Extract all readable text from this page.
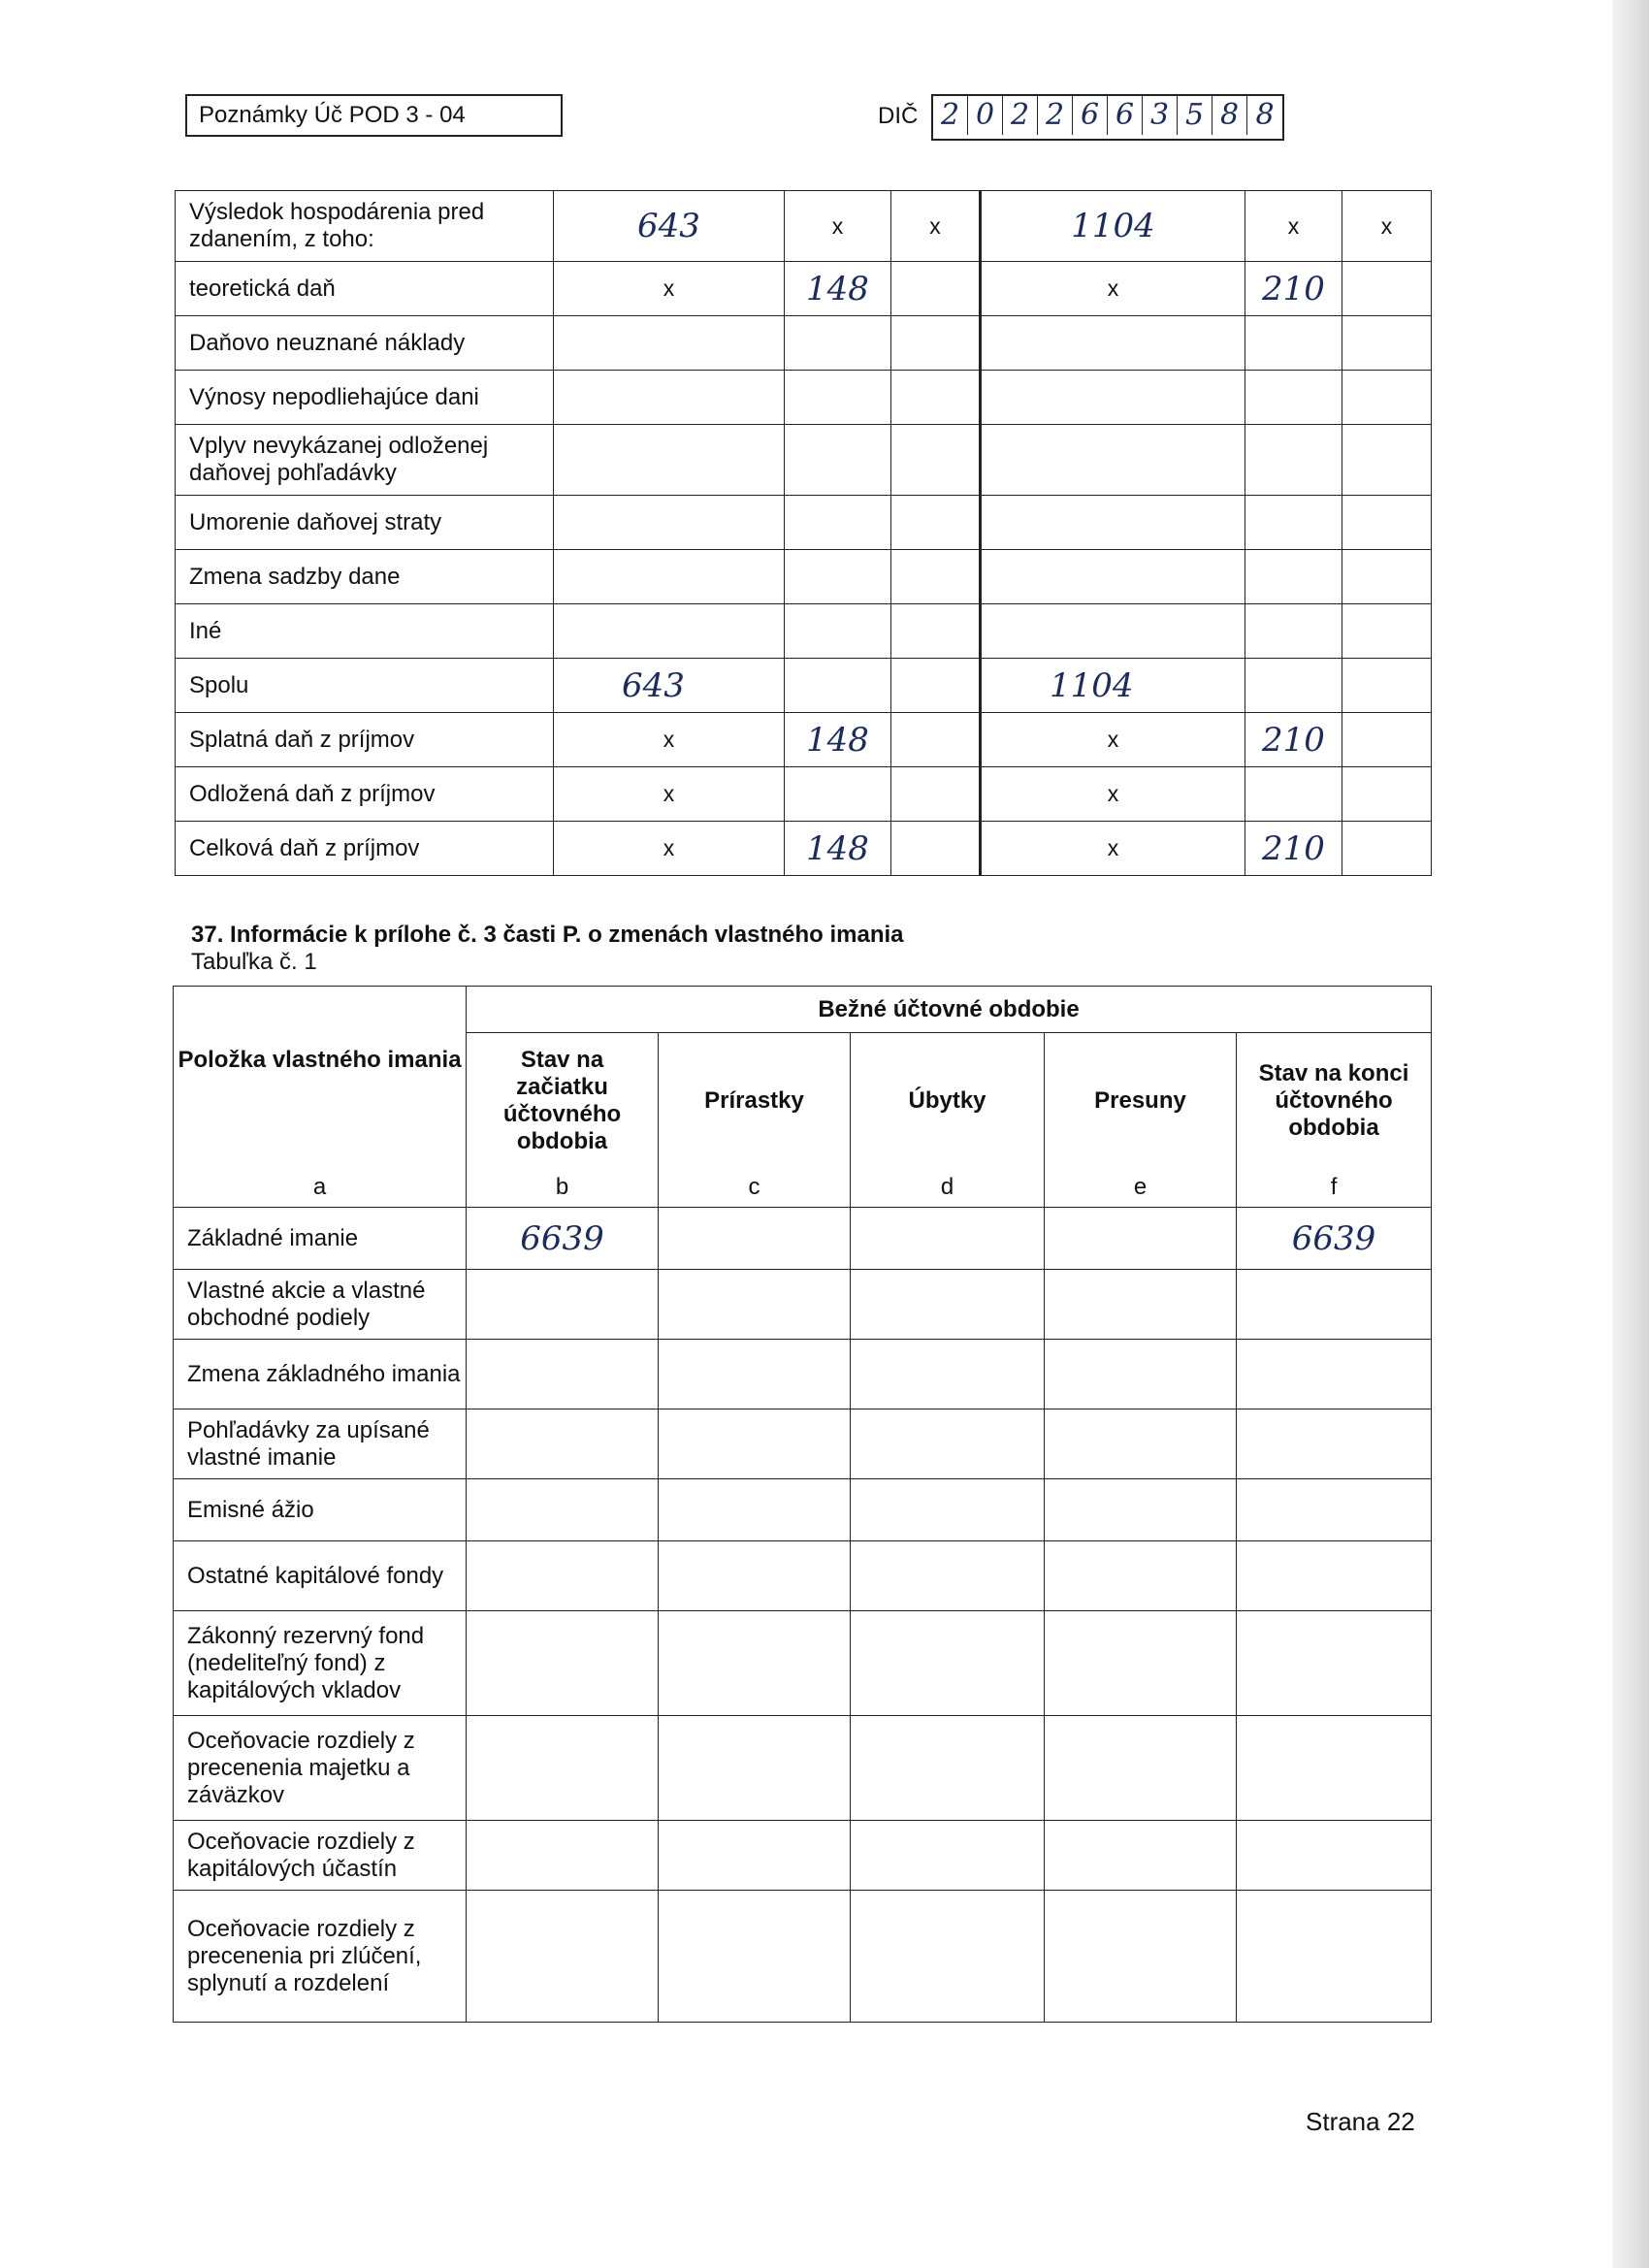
Poznámky Úč POD 3 - 04	DIČ 2 0 2 2 6 6 3 5 8 8
Výsledok hospodárenia pred zdanením, z toho:	643	x	x	1104	x	x
teoretická daň	x	148		x	210	
Daňovo neuznané náklady						
Výnosy nepodliehajúce dani						
Vplyv nevykázanej odloženej daňovej pohľadávky						
Umorenie daňovej straty						
Zmena sadzby dane						
Iné						
Spolu	643			1104		
Splatná daň z príjmov	x	148		x	210	
Odložená daň z príjmov	x			x		
Celková daň z príjmov	x	148		x	210	
37. Informácie k prílohe č. 3 časti P. o zmenách vlastného imania
Tabuľka č. 1
Položka vlastného imania	Bežné účtovné obdobie				
	Stav na začiatku účtovného obdobia	Prírastky	Úbytky	Presuny	Stav na konci účtovného obdobia
a	b	c	d	e	f
Základné imanie	6639				6639
Vlastné akcie a vlastné obchodné podiely					
Zmena základného imania					
Pohľadávky za upísané vlastné imanie					
Emisné ážio					
Ostatné kapitálové fondy					
Zákonný rezervný fond (nedeliteľný fond) z kapitálových vkladov					
Oceňovacie rozdiely z precenenia majetku a záväzkov					
Oceňovacie rozdiely z kapitálových účastín					
Oceňovacie rozdiely z precenenia pri zlúčení, splynutí a rozdelení					
Strana 22
